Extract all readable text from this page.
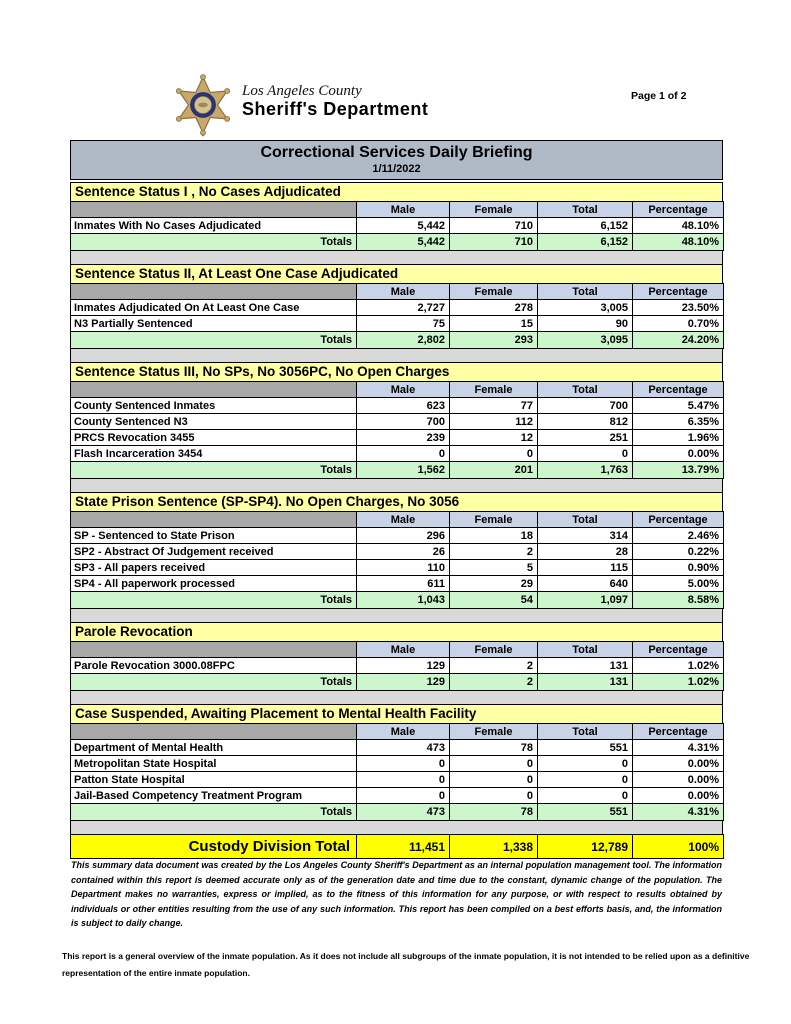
Los Angeles County
Sheriff's Department
Page 1 of 2
Correctional Services Daily Briefing
1/11/2022
Sentence Status I , No Cases Adjudicated
	Male	Female	Total	Percentage
Inmates With No Cases Adjudicated	5,442	710	6,152	48.10%
Totals	5,442	710	6,152	48.10%
Sentence Status II, At Least One Case Adjudicated
	Male	Female	Total	Percentage
Inmates Adjudicated On At Least One Case	2,727	278	3,005	23.50%
N3 Partially Sentenced	75	15	90	0.70%
Totals	2,802	293	3,095	24.20%
Sentence Status III, No SPs, No 3056PC, No Open Charges
	Male	Female	Total	Percentage
County Sentenced Inmates	623	77	700	5.47%
County Sentenced N3	700	112	812	6.35%
PRCS Revocation 3455	239	12	251	1.96%
Flash Incarceration 3454	0	0	0	0.00%
Totals	1,562	201	1,763	13.79%
State Prison Sentence (SP-SP4). No Open Charges, No 3056
	Male	Female	Total	Percentage
SP - Sentenced to State Prison	296	18	314	2.46%
SP2 - Abstract Of Judgement received	26	2	28	0.22%
SP3 - All papers received	110	5	115	0.90%
SP4 - All paperwork processed	611	29	640	5.00%
Totals	1,043	54	1,097	8.58%
Parole Revocation
	Male	Female	Total	Percentage
Parole Revocation 3000.08FPC	129	2	131	1.02%
Totals	129	2	131	1.02%
Case Suspended, Awaiting Placement to Mental Health Facility
	Male	Female	Total	Percentage
Department of Mental Health	473	78	551	4.31%
Metropolitan State Hospital	0	0	0	0.00%
Patton State Hospital	0	0	0	0.00%
Jail-Based Competency Treatment Program	0	0	0	0.00%
Totals	473	78	551	4.31%
Custody Division Total	11,451	1,338	12,789	100%
This summary data document was created by the Los Angeles County Sheriff's Department as an internal population management tool. The information contained within this report is deemed accurate only as of the generation date and time due to the constant, dynamic change of the population. The Department makes no warranties, express or implied, as to the fitness of this information for any purpose, or with respect to results obtained by individuals or other entities resulting from the use of any such information. This report has been compiled on a best efforts basis, and, the information is subject to daily change.
This report is a general overview of the inmate population. As it does not include all subgroups of the inmate population, it is not intended to be relied upon as a definitive representation of the entire inmate population.
